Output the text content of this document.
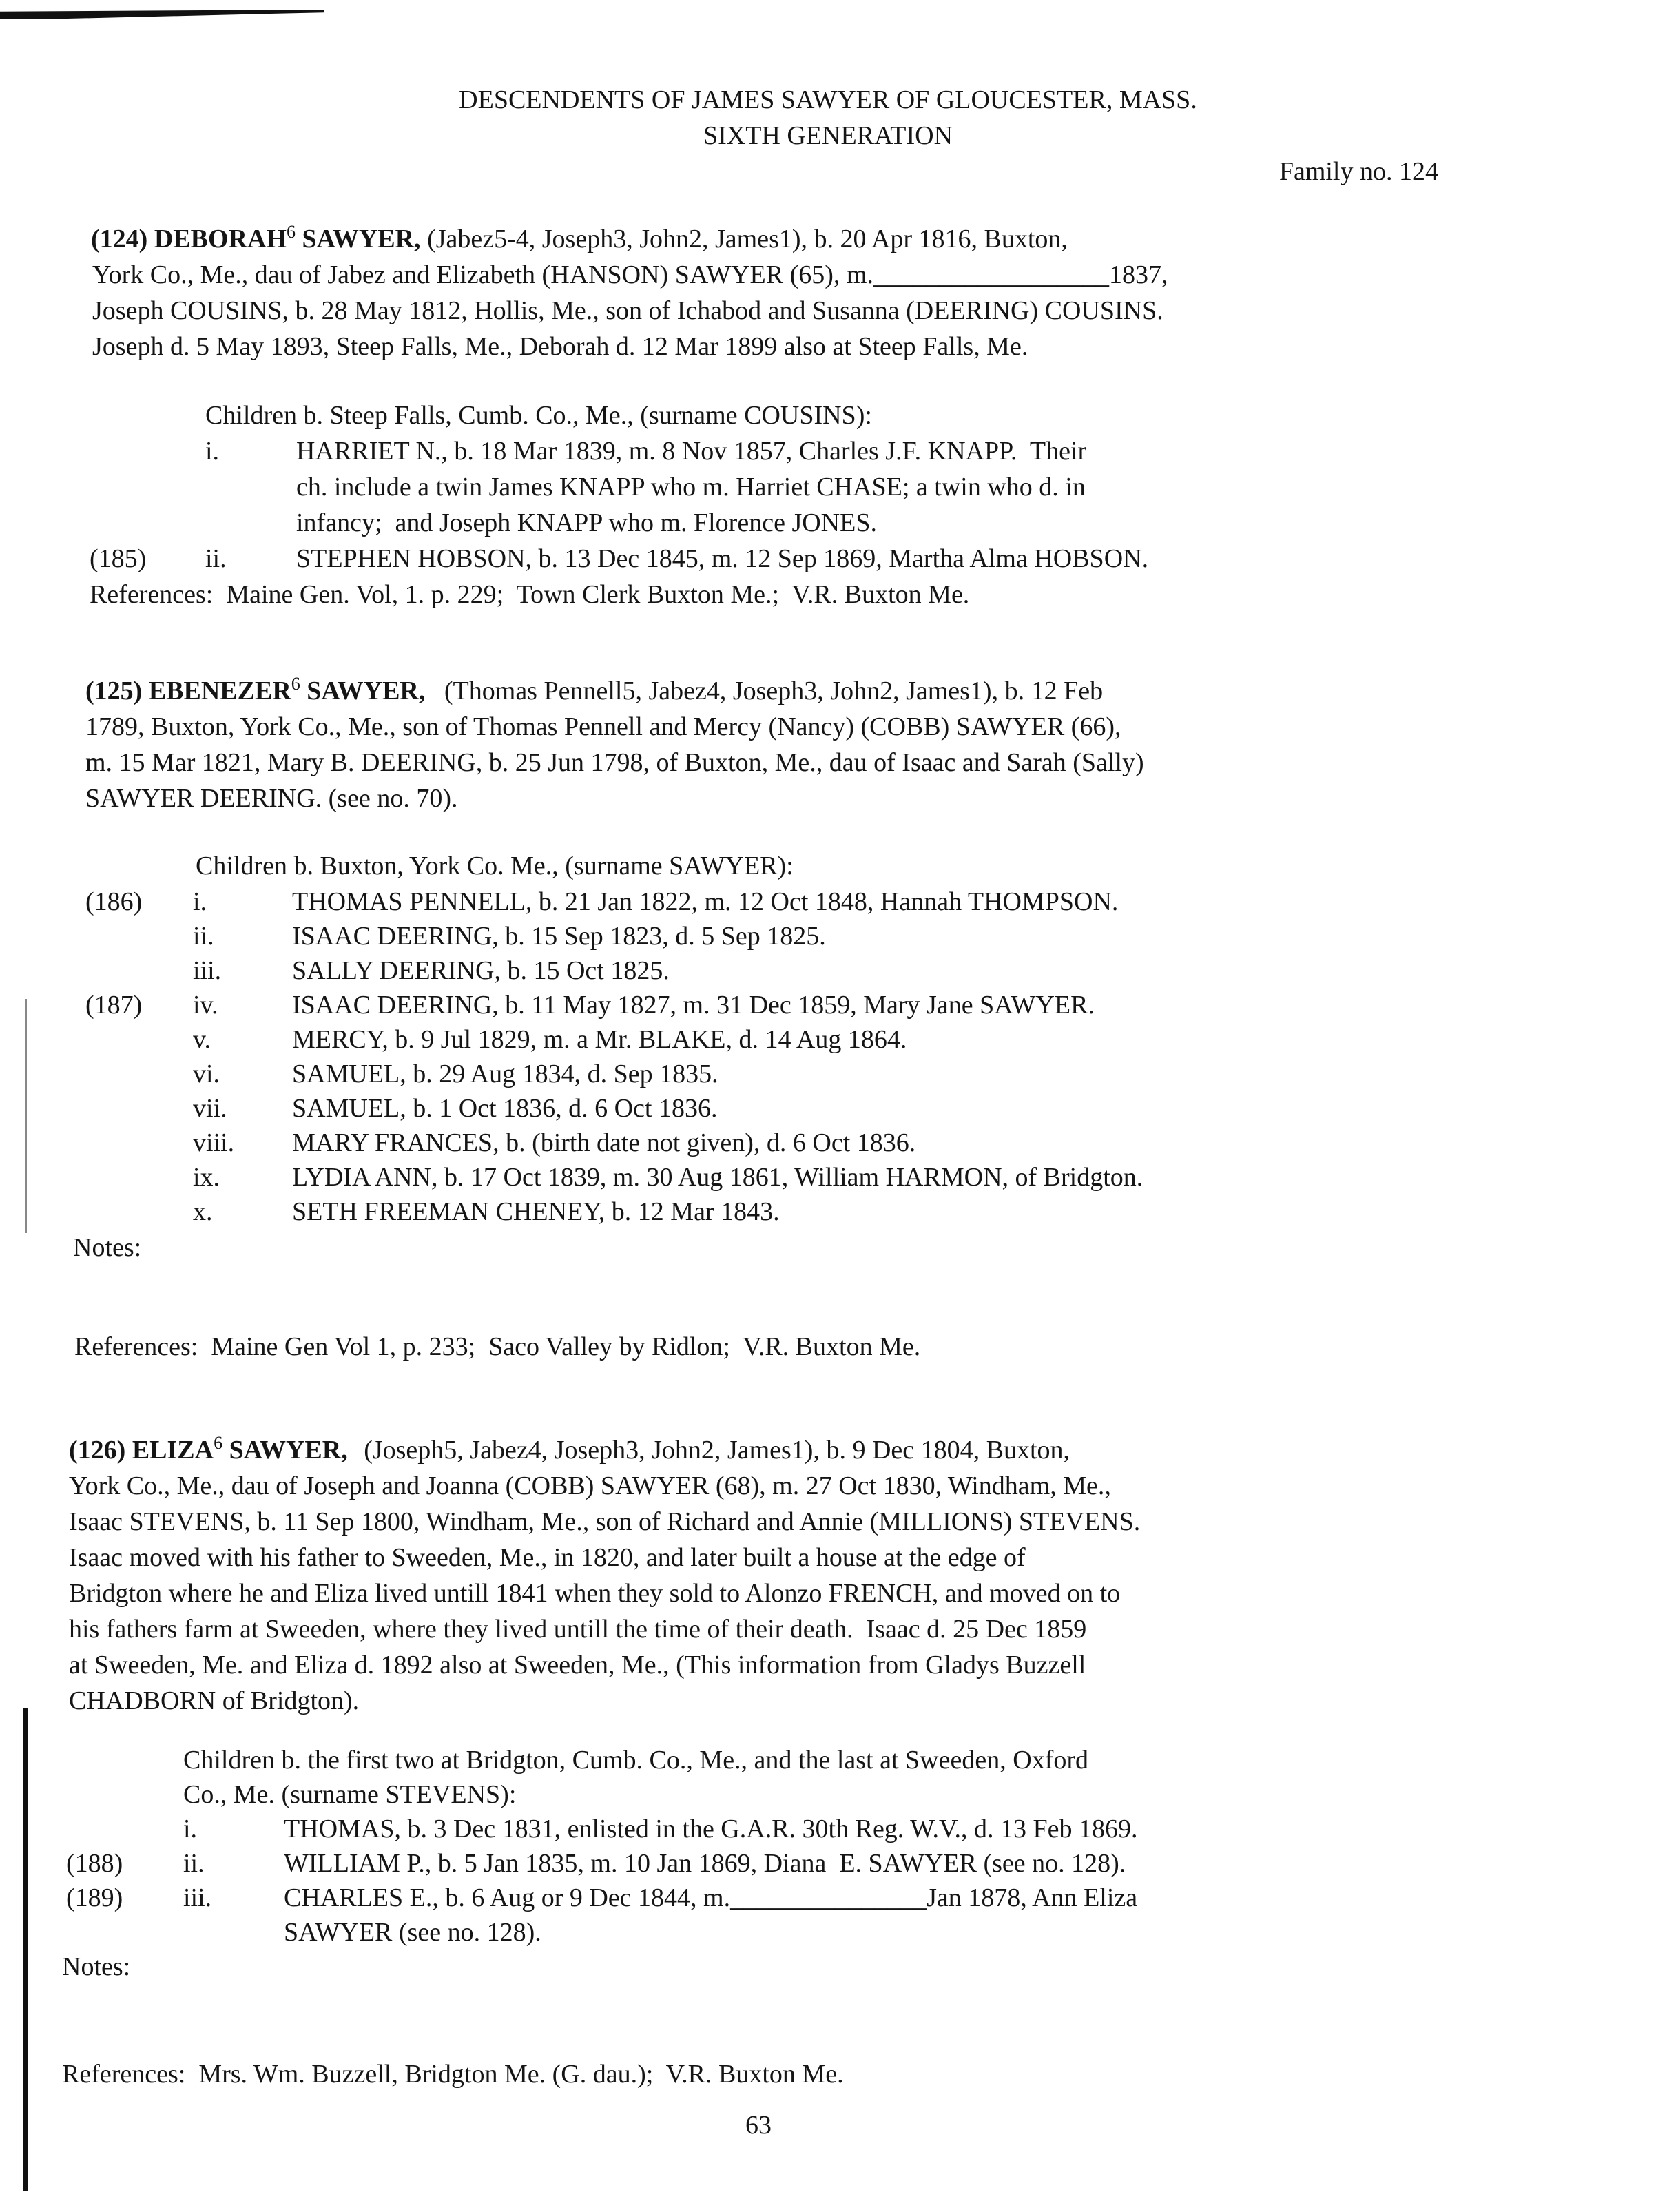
DESCENDENTS OF JAMES SAWYER OF GLOUCESTER, MASS.
SIXTH GENERATION
Family no. 124
(124) DEBORAH$^6$ SAWYER, (Jabez5-4, Joseph3, John2, James1), b. 20 Apr 1816, Buxton,
York Co., Me., dau of Jabez and Elizabeth (HANSON) SAWYER (65), m.__________________1837,
Joseph COUSINS, b. 28 May 1812, Hollis, Me., son of Ichabod and Susanna (DEERING) COUSINS.
Joseph d. 5 May 1893, Steep Falls, Me., Deborah d. 12 Mar 1899 also at Steep Falls, Me.
Children b. Steep Falls, Cumb. Co., Me., (surname COUSINS):
i.	HARRIET N., b. 18 Mar 1839, m. 8 Nov 1857, Charles J.F. KNAPP.  Their
ch. include a twin James KNAPP who m. Harriet CHASE; a twin who d. in
infancy;  and Joseph KNAPP who m. Florence JONES.
(185) ii.	STEPHEN HOBSON, b. 13 Dec 1845, m. 12 Sep 1869, Martha Alma HOBSON.
References:  Maine Gen. Vol, 1. p. 229;  Town Clerk Buxton Me.;  V.R. Buxton Me.
(125) EBENEZER$^6$ SAWYER, (Thomas Pennell5, Jabez4, Joseph3, John2, James1), b. 12 Feb
1789, Buxton, York Co., Me., son of Thomas Pennell and Mercy (Nancy) (COBB) SAWYER (66),
m. 15 Mar 1821, Mary B. DEERING, b. 25 Jun 1798, of Buxton, Me., dau of Isaac and Sarah (Sally)
SAWYER DEERING. (see no. 70).
Children b. Buxton, York Co. Me., (surname SAWYER):
(186) i.	THOMAS PENNELL, b. 21 Jan 1822, m. 12 Oct 1848, Hannah THOMPSON.
ii.	ISAAC DEERING, b. 15 Sep 1823, d. 5 Sep 1825.
iii.	SALLY DEERING, b. 15 Oct 1825.
(187) iv.	ISAAC DEERING, b. 11 May 1827, m. 31 Dec 1859, Mary Jane SAWYER.
v.	MERCY, b. 9 Jul 1829, m. a Mr. BLAKE, d. 14 Aug 1864.
vi.	SAMUEL, b. 29 Aug 1834, d. Sep 1835.
vii. SAMUEL, b. 1 Oct 1836, d. 6 Oct 1836.
viii. MARY FRANCES, b. (birth date not given), d. 6 Oct 1836.
ix.	LYDIA ANN, b. 17 Oct 1839, m. 30 Aug 1861, William HARMON, of Bridgton.
x.	SETH FREEMAN CHENEY, b. 12 Mar 1843.
Notes:
References:  Maine Gen Vol 1, p. 233;  Saco Valley by Ridlon;  V.R. Buxton Me.
(126) ELIZA$^6$ SAWYER, (Joseph5, Jabez4, Joseph3, John2, James1), b. 9 Dec 1804, Buxton,
York Co., Me., dau of Joseph and Joanna (COBB) SAWYER (68), m. 27 Oct 1830, Windham, Me.,
Isaac STEVENS, b. 11 Sep 1800, Windham, Me., son of Richard and Annie (MILLIONS) STEVENS.
Isaac moved with his father to Sweeden, Me., in 1820, and later built a house at the edge of
Bridgton where he and Eliza lived untill 1841 when they sold to Alonzo FRENCH, and moved on to
his fathers farm at Sweeden, where they lived untill the time of their death.  Isaac d. 25 Dec 1859
at Sweeden, Me. and Eliza d. 1892 also at Sweeden, Me., (This information from Gladys Buzzell
CHADBORN of Bridgton).
Children b. the first two at Bridgton, Cumb. Co., Me., and the last at Sweeden, Oxford
Co., Me. (surname STEVENS):
i.	THOMAS, b. 3 Dec 1831, enlisted in the G.A.R. 30th Reg. W.V., d. 13 Feb 1869.
(188) ii.	WILLIAM P., b. 5 Jan 1835, m. 10 Jan 1869, Diana  E. SAWYER (see no. 128).
(189) iii.	CHARLES E., b. 6 Aug or 9 Dec 1844, m._______________Jan 1878, Ann Eliza
SAWYER (see no. 128).
Notes:
References:  Mrs. Wm. Buzzell, Bridgton Me. (G. dau.);  V.R. Buxton Me.
63
